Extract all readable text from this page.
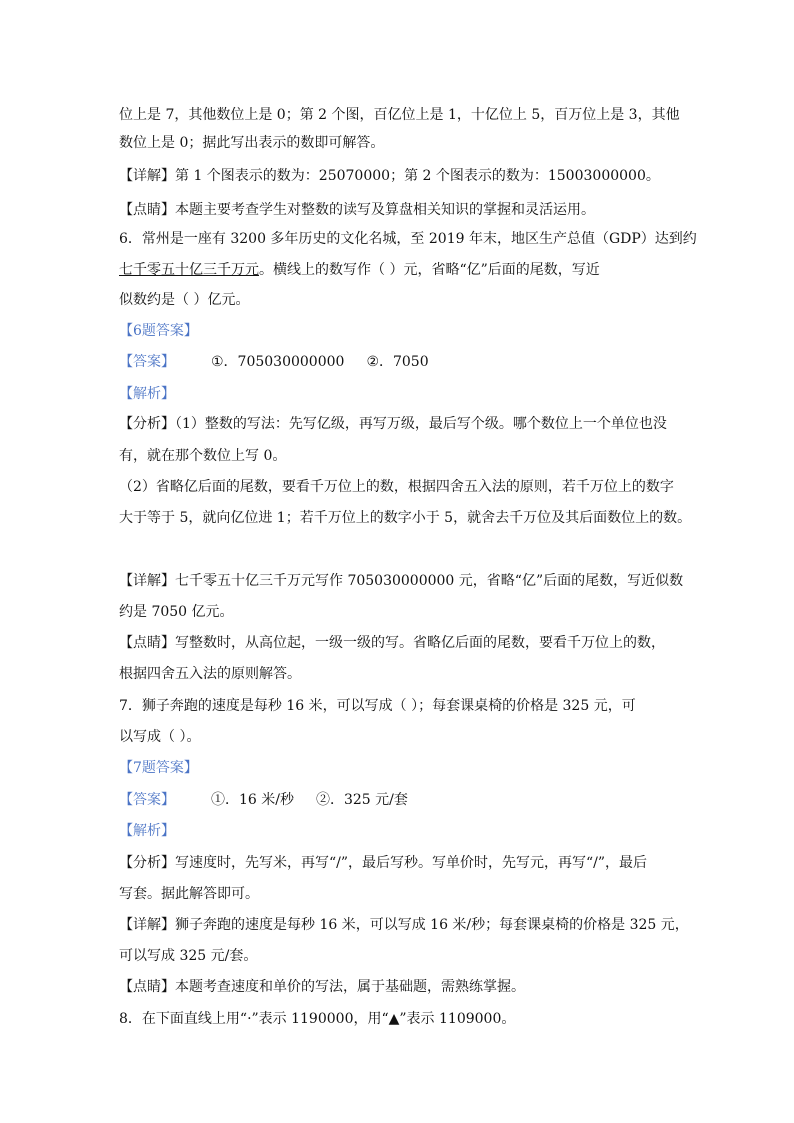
位上是 7，其他数位上是 0；第 2 个图，百亿位上是 1，十亿位上 5，百万位上是 3，其他
数位上是 0；据此写出表示的数即可解答。
【详解】第 1 个图表示的数为：25070000；第 2 个图表示的数为：15003000000。
【点睛】本题主要考查学生对整数的读写及算盘相关知识的掌握和灵活运用。
6．常州是一座有 3200 多年历史的文化名城，至 2019 年末，地区生产总值（GDP）达到约
七千零五十亿三千万元。横线上的数写作（ ）元，省略“亿”后面的尾数，写近
似数约是（ ）亿元。
【6题答案】
【答案】	①．705030000000 ②．7050
【解析】
【分析】（1）整数的写法：先写亿级，再写万级，最后写个级。哪个数位上一个单位也没
有，就在那个数位上写 0。
（2）省略亿后面的尾数，要看千万位上的数，根据四舍五入法的原则，若千万位上的数字
大于等于 5，就向亿位进 1；若千万位上的数字小于 5，就舍去千万位及其后面数位上的数。
【详解】七千零五十亿三千万元写作 705030000000 元，省略“亿”后面的尾数，写近似数
约是 7050 亿元。
【点睛】写整数时，从高位起，一级一级的写。省略亿后面的尾数，要看千万位上的数，
根据四舍五入法的原则解答。
7．狮子奔跑的速度是每秒 16 米，可以写成（ ）；每套课桌椅的价格是 325 元，可
以写成（ ）。
【7题答案】
【答案】	①．16 米/秒 ②．325 元/套
【解析】
【分析】写速度时，先写米，再写“/”，最后写秒。写单价时，先写元，再写“/”，最后
写套。据此解答即可。
【详解】狮子奔跑的速度是每秒 16 米，可以写成 16 米/秒；每套课桌椅的价格是 325 元，
可以写成 325 元/套。
【点睛】本题考查速度和单价的写法，属于基础题，需熟练掌握。
8．在下面直线上用“·”表示 1190000，用“▲”表示 1109000。
